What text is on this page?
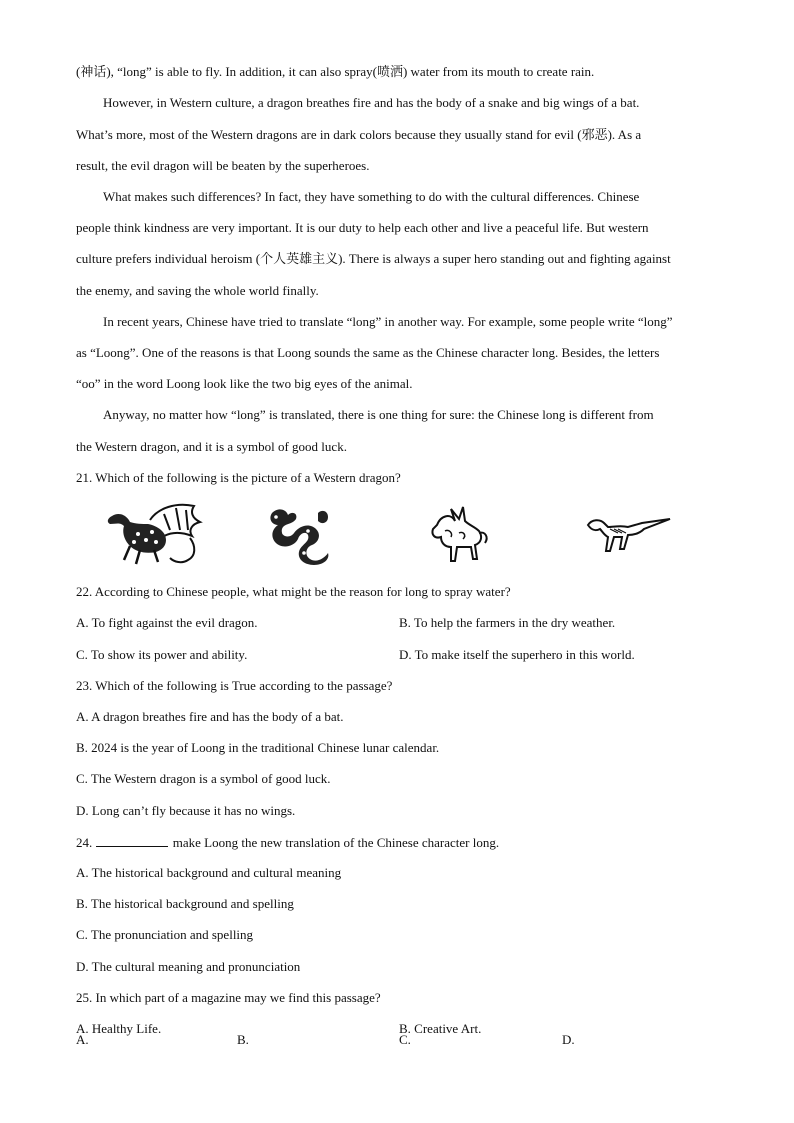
(神话), “long” is able to fly. In addition, it can also spray(喷洒) water from its mouth to create rain.
However, in Western culture, a dragon breathes fire and has the body of a snake and big wings of a bat.
What’s more, most of the Western dragons are in dark colors because they usually stand for evil (邪恶). As a
result, the evil dragon will be beaten by the superheroes.
What makes such differences? In fact, they have something to do with the cultural differences. Chinese
people think kindness are very important. It is our duty to help each other and live a peaceful life. But western
culture prefers individual heroism (个人英雄主义). There is always a super hero standing out and fighting against
the enemy, and saving the whole world finally.
In recent years, Chinese have tried to translate “long” in another way. For example, some people write “long”
as “Loong”. One of the reasons is that Loong sounds the same as the Chinese character long. Besides, the letters
“oo” in the word Loong look like the two big eyes of the animal.
Anyway, no matter how “long” is translated, there is one thing for sure: the Chinese long is different from
the Western dragon, and it is a symbol of good luck.
21. Which of the following is the picture of a Western dragon?
A.	B.	C.	D.
22. According to Chinese people, what might be the reason for long to spray water?
A. To fight against the evil dragon.	B. To help the farmers in the dry weather.
C. To show its power and ability.	D. To make itself the superhero in this world.
23. Which of the following is True according to the passage?
A. A dragon breathes fire and has the body of a bat.
B. 2024 is the year of Loong in the traditional Chinese lunar calendar.
C. The Western dragon is a symbol of good luck.
D. Long can’t fly because it has no wings.
24.	make Loong the new translation of the Chinese character long.
A. The historical background and cultural meaning
B. The historical background and spelling
C. The pronunciation and spelling
D. The cultural meaning and pronunciation
25. In which part of a magazine may we find this passage?
A. Healthy Life.	B. Creative Art.
